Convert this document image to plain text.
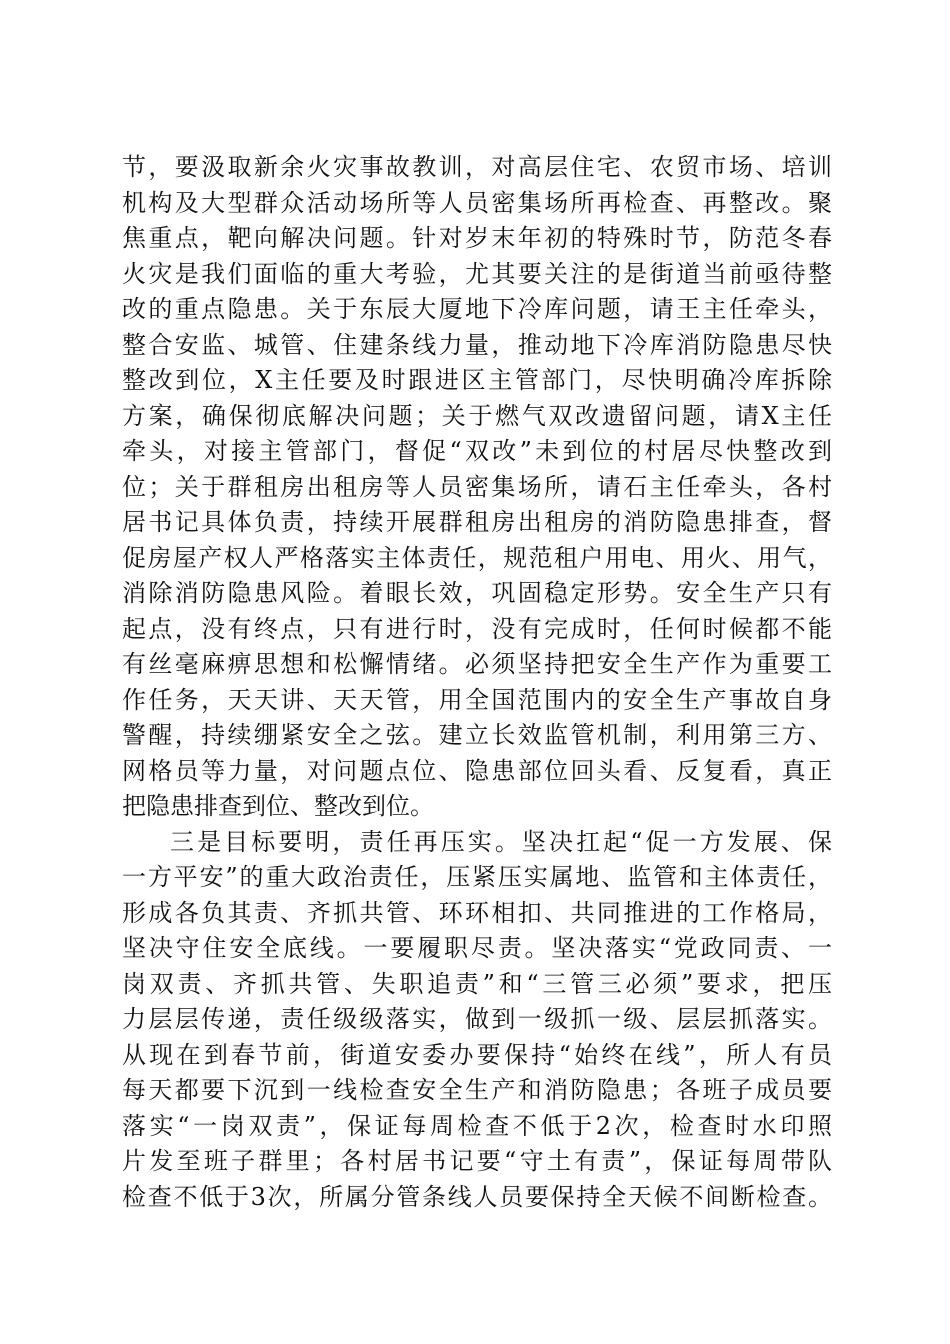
节，要汲取新余火灾事故教训，对高层住宅、农贸市场、培训
机构及大型群众活动场所等人员密集场所再检查、再整改。聚
焦重点，靶向解决问题。针对岁末年初的特殊时节，防范冬春
火灾是我们面临的重大考验，尤其要关注的是街道当前亟待整
改的重点隐患。关于东辰大厦地下冷库问题，请王主任牵头，
整合安监、城管、住建条线力量，推动地下冷库消防隐患尽快
整改到位，X主任要及时跟进区主管部门，尽快明确冷库拆除
方案，确保彻底解决问题；关于燃气双改遗留问题，请X主任
牵头，对接主管部门，督促“双改”未到位的村居尽快整改到
位；关于群租房出租房等人员密集场所，请石主任牵头，各村
居书记具体负责，持续开展群租房出租房的消防隐患排查，督
促房屋产权人严格落实主体责任，规范租户用电、用火、用气，
消除消防隐患风险。着眼长效，巩固稳定形势。安全生产只有
起点，没有终点，只有进行时，没有完成时，任何时候都不能
有丝毫麻痹思想和松懈情绪。必须坚持把安全生产作为重要工
作任务，天天讲、天天管，用全国范围内的安全生产事故自身
警醒，持续绷紧安全之弦。建立长效监管机制，利用第三方、
网格员等力量，对问题点位、隐患部位回头看、反复看，真正
把隐患排查到位、整改到位。
三是目标要明，责任再压实。坚决扛起“促一方发展、保
一方平安”的重大政治责任，压紧压实属地、监管和主体责任，
形成各负其责、齐抓共管、环环相扣、共同推进的工作格局，
坚决守住安全底线。一要履职尽责。坚决落实“党政同责、一
岗双责、齐抓共管、失职追责”和“三管三必须”要求，把压
力层层传递，责任级级落实，做到一级抓一级、层层抓落实。
从现在到春节前，街道安委办要保持“始终在线”，所人有员
每天都要下沉到一线检查安全生产和消防隐患；各班子成员要
落实“一岗双责”，保证每周检查不低于2次，检查时水印照
片发至班子群里；各村居书记要“守土有责”，保证每周带队
检查不低于3次，所属分管条线人员要保持全天候不间断检查。
